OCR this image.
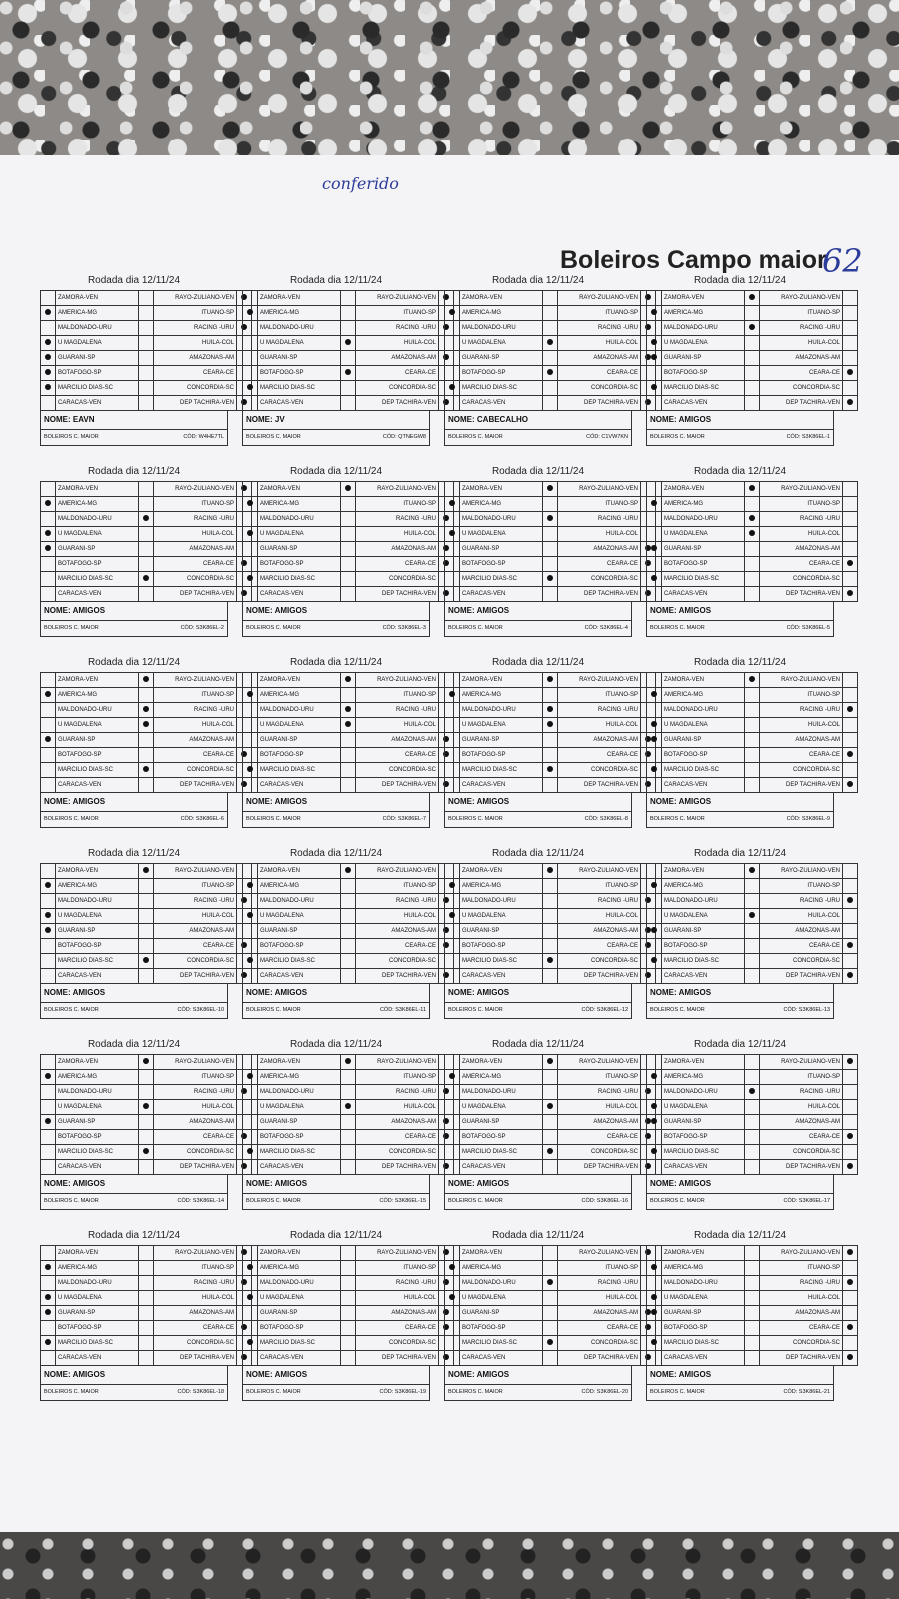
conferido
Boleiros Campo maior
62
Rodada dia 12/11/24
	ZAMORA-VEN		RAYO-ZULIANO-VEN	
	AMERICA-MG		ITUANO-SP	
	MALDONADO-URU		RACING -URU	
	U MAGDALENA		HUILA-COL	
	GUARANI-SP		AMAZONAS-AM	
	BOTAFOGO-SP		CEARA-CE	
	MARCILIO DIAS-SC		CONCORDIA-SC	
	CARACAS-VEN		DEP TACHIRA-VEN	
NOME: EAVN
BOLEIROS C. MAIOR	CÓD: W4HE7TL
Rodada dia 12/11/24
	ZAMORA-VEN		RAYO-ZULIANO-VEN	
	AMERICA-MG		ITUANO-SP	
	MALDONADO-URU		RACING -URU	
	U MAGDALENA		HUILA-COL	
	GUARANI-SP		AMAZONAS-AM	
	BOTAFOGO-SP		CEARA-CE	
	MARCILIO DIAS-SC		CONCORDIA-SC	
	CARACAS-VEN		DEP TACHIRA-VEN	
NOME: JV
BOLEIROS C. MAIOR	CÓD: QTNEGW8
Rodada dia 12/11/24
	ZAMORA-VEN		RAYO-ZULIANO-VEN	
	AMERICA-MG		ITUANO-SP	
	MALDONADO-URU		RACING -URU	
	U MAGDALENA		HUILA-COL	
	GUARANI-SP		AMAZONAS-AM	
	BOTAFOGO-SP		CEARA-CE	
	MARCILIO DIAS-SC		CONCORDIA-SC	
	CARACAS-VEN		DEP TACHIRA-VEN	
NOME: CABECALHO
BOLEIROS C. MAIOR	CÓD: C1VW7KN
Rodada dia 12/11/24
	ZAMORA-VEN		RAYO-ZULIANO-VEN	
	AMERICA-MG		ITUANO-SP	
	MALDONADO-URU		RACING -URU	
	U MAGDALENA		HUILA-COL	
	GUARANI-SP		AMAZONAS-AM	
	BOTAFOGO-SP		CEARA-CE	
	MARCILIO DIAS-SC		CONCORDIA-SC	
	CARACAS-VEN		DEP TACHIRA-VEN	
NOME: AMIGOS
BOLEIROS C. MAIOR	CÓD: S3K86EL-1
Rodada dia 12/11/24
	ZAMORA-VEN		RAYO-ZULIANO-VEN	
	AMERICA-MG		ITUANO-SP	
	MALDONADO-URU		RACING -URU	
	U MAGDALENA		HUILA-COL	
	GUARANI-SP		AMAZONAS-AM	
	BOTAFOGO-SP		CEARA-CE	
	MARCILIO DIAS-SC		CONCORDIA-SC	
	CARACAS-VEN		DEP TACHIRA-VEN	
NOME: AMIGOS
BOLEIROS C. MAIOR	CÓD: S3K86EL-2
Rodada dia 12/11/24
	ZAMORA-VEN		RAYO-ZULIANO-VEN	
	AMERICA-MG		ITUANO-SP	
	MALDONADO-URU		RACING -URU	
	U MAGDALENA		HUILA-COL	
	GUARANI-SP		AMAZONAS-AM	
	BOTAFOGO-SP		CEARA-CE	
	MARCILIO DIAS-SC		CONCORDIA-SC	
	CARACAS-VEN		DEP TACHIRA-VEN	
NOME: AMIGOS
BOLEIROS C. MAIOR	CÓD: S3K86EL-3
Rodada dia 12/11/24
	ZAMORA-VEN		RAYO-ZULIANO-VEN	
	AMERICA-MG		ITUANO-SP	
	MALDONADO-URU		RACING -URU	
	U MAGDALENA		HUILA-COL	
	GUARANI-SP		AMAZONAS-AM	
	BOTAFOGO-SP		CEARA-CE	
	MARCILIO DIAS-SC		CONCORDIA-SC	
	CARACAS-VEN		DEP TACHIRA-VEN	
NOME: AMIGOS
BOLEIROS C. MAIOR	CÓD: S3K86EL-4
Rodada dia 12/11/24
	ZAMORA-VEN		RAYO-ZULIANO-VEN	
	AMERICA-MG		ITUANO-SP	
	MALDONADO-URU		RACING -URU	
	U MAGDALENA		HUILA-COL	
	GUARANI-SP		AMAZONAS-AM	
	BOTAFOGO-SP		CEARA-CE	
	MARCILIO DIAS-SC		CONCORDIA-SC	
	CARACAS-VEN		DEP TACHIRA-VEN	
NOME: AMIGOS
BOLEIROS C. MAIOR	CÓD: S3K86EL-5
Rodada dia 12/11/24
	ZAMORA-VEN		RAYO-ZULIANO-VEN	
	AMERICA-MG		ITUANO-SP	
	MALDONADO-URU		RACING -URU	
	U MAGDALENA		HUILA-COL	
	GUARANI-SP		AMAZONAS-AM	
	BOTAFOGO-SP		CEARA-CE	
	MARCILIO DIAS-SC		CONCORDIA-SC	
	CARACAS-VEN		DEP TACHIRA-VEN	
NOME: AMIGOS
BOLEIROS C. MAIOR	CÓD: S3K86EL-6
Rodada dia 12/11/24
	ZAMORA-VEN		RAYO-ZULIANO-VEN	
	AMERICA-MG		ITUANO-SP	
	MALDONADO-URU		RACING -URU	
	U MAGDALENA		HUILA-COL	
	GUARANI-SP		AMAZONAS-AM	
	BOTAFOGO-SP		CEARA-CE	
	MARCILIO DIAS-SC		CONCORDIA-SC	
	CARACAS-VEN		DEP TACHIRA-VEN	
NOME: AMIGOS
BOLEIROS C. MAIOR	CÓD: S3K86EL-7
Rodada dia 12/11/24
	ZAMORA-VEN		RAYO-ZULIANO-VEN	
	AMERICA-MG		ITUANO-SP	
	MALDONADO-URU		RACING -URU	
	U MAGDALENA		HUILA-COL	
	GUARANI-SP		AMAZONAS-AM	
	BOTAFOGO-SP		CEARA-CE	
	MARCILIO DIAS-SC		CONCORDIA-SC	
	CARACAS-VEN		DEP TACHIRA-VEN	
NOME: AMIGOS
BOLEIROS C. MAIOR	CÓD: S3K86EL-8
Rodada dia 12/11/24
	ZAMORA-VEN		RAYO-ZULIANO-VEN	
	AMERICA-MG		ITUANO-SP	
	MALDONADO-URU		RACING -URU	
	U MAGDALENA		HUILA-COL	
	GUARANI-SP		AMAZONAS-AM	
	BOTAFOGO-SP		CEARA-CE	
	MARCILIO DIAS-SC		CONCORDIA-SC	
	CARACAS-VEN		DEP TACHIRA-VEN	
NOME: AMIGOS
BOLEIROS C. MAIOR	CÓD: S3K86EL-9
Rodada dia 12/11/24
	ZAMORA-VEN		RAYO-ZULIANO-VEN	
	AMERICA-MG		ITUANO-SP	
	MALDONADO-URU		RACING -URU	
	U MAGDALENA		HUILA-COL	
	GUARANI-SP		AMAZONAS-AM	
	BOTAFOGO-SP		CEARA-CE	
	MARCILIO DIAS-SC		CONCORDIA-SC	
	CARACAS-VEN		DEP TACHIRA-VEN	
NOME: AMIGOS
BOLEIROS C. MAIOR	CÓD: S3K86EL-10
Rodada dia 12/11/24
	ZAMORA-VEN		RAYO-ZULIANO-VEN	
	AMERICA-MG		ITUANO-SP	
	MALDONADO-URU		RACING -URU	
	U MAGDALENA		HUILA-COL	
	GUARANI-SP		AMAZONAS-AM	
	BOTAFOGO-SP		CEARA-CE	
	MARCILIO DIAS-SC		CONCORDIA-SC	
	CARACAS-VEN		DEP TACHIRA-VEN	
NOME: AMIGOS
BOLEIROS C. MAIOR	CÓD: S3K86EL-11
Rodada dia 12/11/24
	ZAMORA-VEN		RAYO-ZULIANO-VEN	
	AMERICA-MG		ITUANO-SP	
	MALDONADO-URU		RACING -URU	
	U MAGDALENA		HUILA-COL	
	GUARANI-SP		AMAZONAS-AM	
	BOTAFOGO-SP		CEARA-CE	
	MARCILIO DIAS-SC		CONCORDIA-SC	
	CARACAS-VEN		DEP TACHIRA-VEN	
NOME: AMIGOS
BOLEIROS C. MAIOR	CÓD: S3K86EL-12
Rodada dia 12/11/24
	ZAMORA-VEN		RAYO-ZULIANO-VEN	
	AMERICA-MG		ITUANO-SP	
	MALDONADO-URU		RACING -URU	
	U MAGDALENA		HUILA-COL	
	GUARANI-SP		AMAZONAS-AM	
	BOTAFOGO-SP		CEARA-CE	
	MARCILIO DIAS-SC		CONCORDIA-SC	
	CARACAS-VEN		DEP TACHIRA-VEN	
NOME: AMIGOS
BOLEIROS C. MAIOR	CÓD: S3K86EL-13
Rodada dia 12/11/24
	ZAMORA-VEN		RAYO-ZULIANO-VEN	
	AMERICA-MG		ITUANO-SP	
	MALDONADO-URU		RACING -URU	
	U MAGDALENA		HUILA-COL	
	GUARANI-SP		AMAZONAS-AM	
	BOTAFOGO-SP		CEARA-CE	
	MARCILIO DIAS-SC		CONCORDIA-SC	
	CARACAS-VEN		DEP TACHIRA-VEN	
NOME: AMIGOS
BOLEIROS C. MAIOR	CÓD: S3K86EL-14
Rodada dia 12/11/24
	ZAMORA-VEN		RAYO-ZULIANO-VEN	
	AMERICA-MG		ITUANO-SP	
	MALDONADO-URU		RACING -URU	
	U MAGDALENA		HUILA-COL	
	GUARANI-SP		AMAZONAS-AM	
	BOTAFOGO-SP		CEARA-CE	
	MARCILIO DIAS-SC		CONCORDIA-SC	
	CARACAS-VEN		DEP TACHIRA-VEN	
NOME: AMIGOS
BOLEIROS C. MAIOR	CÓD: S3K86EL-15
Rodada dia 12/11/24
	ZAMORA-VEN		RAYO-ZULIANO-VEN	
	AMERICA-MG		ITUANO-SP	
	MALDONADO-URU		RACING -URU	
	U MAGDALENA		HUILA-COL	
	GUARANI-SP		AMAZONAS-AM	
	BOTAFOGO-SP		CEARA-CE	
	MARCILIO DIAS-SC		CONCORDIA-SC	
	CARACAS-VEN		DEP TACHIRA-VEN	
NOME: AMIGOS
BOLEIROS C. MAIOR	CÓD: S3K86EL-16
Rodada dia 12/11/24
	ZAMORA-VEN		RAYO-ZULIANO-VEN	
	AMERICA-MG		ITUANO-SP	
	MALDONADO-URU		RACING -URU	
	U MAGDALENA		HUILA-COL	
	GUARANI-SP		AMAZONAS-AM	
	BOTAFOGO-SP		CEARA-CE	
	MARCILIO DIAS-SC		CONCORDIA-SC	
	CARACAS-VEN		DEP TACHIRA-VEN	
NOME: AMIGOS
BOLEIROS C. MAIOR	CÓD: S3K86EL-17
Rodada dia 12/11/24
	ZAMORA-VEN		RAYO-ZULIANO-VEN	
	AMERICA-MG		ITUANO-SP	
	MALDONADO-URU		RACING -URU	
	U MAGDALENA		HUILA-COL	
	GUARANI-SP		AMAZONAS-AM	
	BOTAFOGO-SP		CEARA-CE	
	MARCILIO DIAS-SC		CONCORDIA-SC	
	CARACAS-VEN		DEP TACHIRA-VEN	
NOME: AMIGOS
BOLEIROS C. MAIOR	CÓD: S3K86EL-18
Rodada dia 12/11/24
	ZAMORA-VEN		RAYO-ZULIANO-VEN	
	AMERICA-MG		ITUANO-SP	
	MALDONADO-URU		RACING -URU	
	U MAGDALENA		HUILA-COL	
	GUARANI-SP		AMAZONAS-AM	
	BOTAFOGO-SP		CEARA-CE	
	MARCILIO DIAS-SC		CONCORDIA-SC	
	CARACAS-VEN		DEP TACHIRA-VEN	
NOME: AMIGOS
BOLEIROS C. MAIOR	CÓD: S3K86EL-19
Rodada dia 12/11/24
	ZAMORA-VEN		RAYO-ZULIANO-VEN	
	AMERICA-MG		ITUANO-SP	
	MALDONADO-URU		RACING -URU	
	U MAGDALENA		HUILA-COL	
	GUARANI-SP		AMAZONAS-AM	
	BOTAFOGO-SP		CEARA-CE	
	MARCILIO DIAS-SC		CONCORDIA-SC	
	CARACAS-VEN		DEP TACHIRA-VEN	
NOME: AMIGOS
BOLEIROS C. MAIOR	CÓD: S3K86EL-20
Rodada dia 12/11/24
	ZAMORA-VEN		RAYO-ZULIANO-VEN	
	AMERICA-MG		ITUANO-SP	
	MALDONADO-URU		RACING -URU	
	U MAGDALENA		HUILA-COL	
	GUARANI-SP		AMAZONAS-AM	
	BOTAFOGO-SP		CEARA-CE	
	MARCILIO DIAS-SC		CONCORDIA-SC	
	CARACAS-VEN		DEP TACHIRA-VEN	
NOME: AMIGOS
BOLEIROS C. MAIOR	CÓD: S3K86EL-21
